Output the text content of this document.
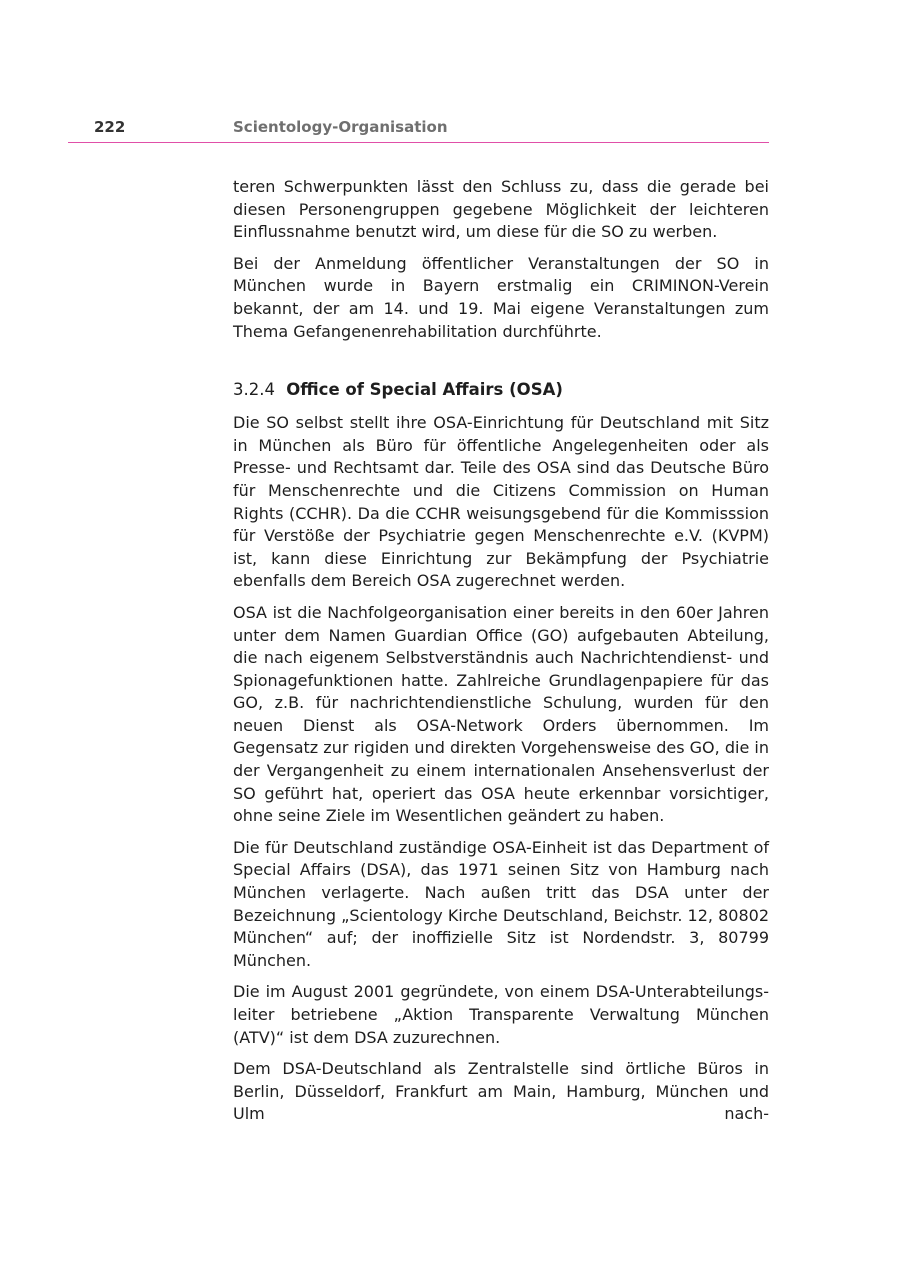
222	Scientology-Organisation

teren Schwerpunkten lässt den Schluss zu, dass die gerade bei diesen Personengruppen gegebene Möglichkeit der leichteren Einflussnahme benutzt wird, um diese für die SO zu werben.

Bei der Anmeldung öffentlicher Veranstaltungen der SO in München wurde in Bayern erstmalig ein CRIMINON-Verein bekannt, der am 14. und 19. Mai eigene Veranstaltungen zum Thema Gefangenenrehabilitation durchführte.

3.2.4 Office of Special Affairs (OSA)

Die SO selbst stellt ihre OSA-Einrichtung für Deutschland mit Sitz in München als Büro für öffentliche Angelegenheiten oder als Presse- und Rechtsamt dar. Teile des OSA sind das Deutsche Büro für Menschenrechte und die Citizens Commission on Human Rights (CCHR). Da die CCHR weisungsgebend für die Kommisssion für Verstöße der Psychiatrie gegen Menschenrechte e.V. (KVPM) ist, kann diese Einrichtung zur Bekämpfung der Psychiatrie ebenfalls dem Bereich OSA zugerechnet werden.

OSA ist die Nachfolgeorganisation einer bereits in den 60er Jahren unter dem Namen Guardian Office (GO) aufgebauten Abteilung, die nach eigenem Selbstverständnis auch Nachrichtendienst- und Spionagefunktionen hatte. Zahlreiche Grundlagenpapiere für das GO, z.B. für nachrichtendienstliche Schulung, wurden für den neuen Dienst als OSA-Network Orders übernommen. Im Gegensatz zur rigiden und direkten Vorgehensweise des GO, die in der Vergangenheit zu einem internationalen Ansehensverlust der SO geführt hat, operiert das OSA heute erkennbar vorsichtiger, ohne seine Ziele im Wesentlichen geändert zu haben.

Die für Deutschland zuständige OSA-Einheit ist das Department of Special Affairs (DSA), das 1971 seinen Sitz von Hamburg nach München verlagerte. Nach außen tritt das DSA unter der Bezeichnung „Scientology Kirche Deutschland, Beichstr. 12, 80802 München“ auf; der inoffizielle Sitz ist Nordendstr. 3, 80799 München.

Die im August 2001 gegründete, von einem DSA-Unterabteilungsleiter betriebene „Aktion Transparente Verwaltung München (ATV)“ ist dem DSA zuzurechnen.

Dem DSA-Deutschland als Zentralstelle sind örtliche Büros in Berlin, Düsseldorf, Frankfurt am Main, Hamburg, München und Ulm nach-
